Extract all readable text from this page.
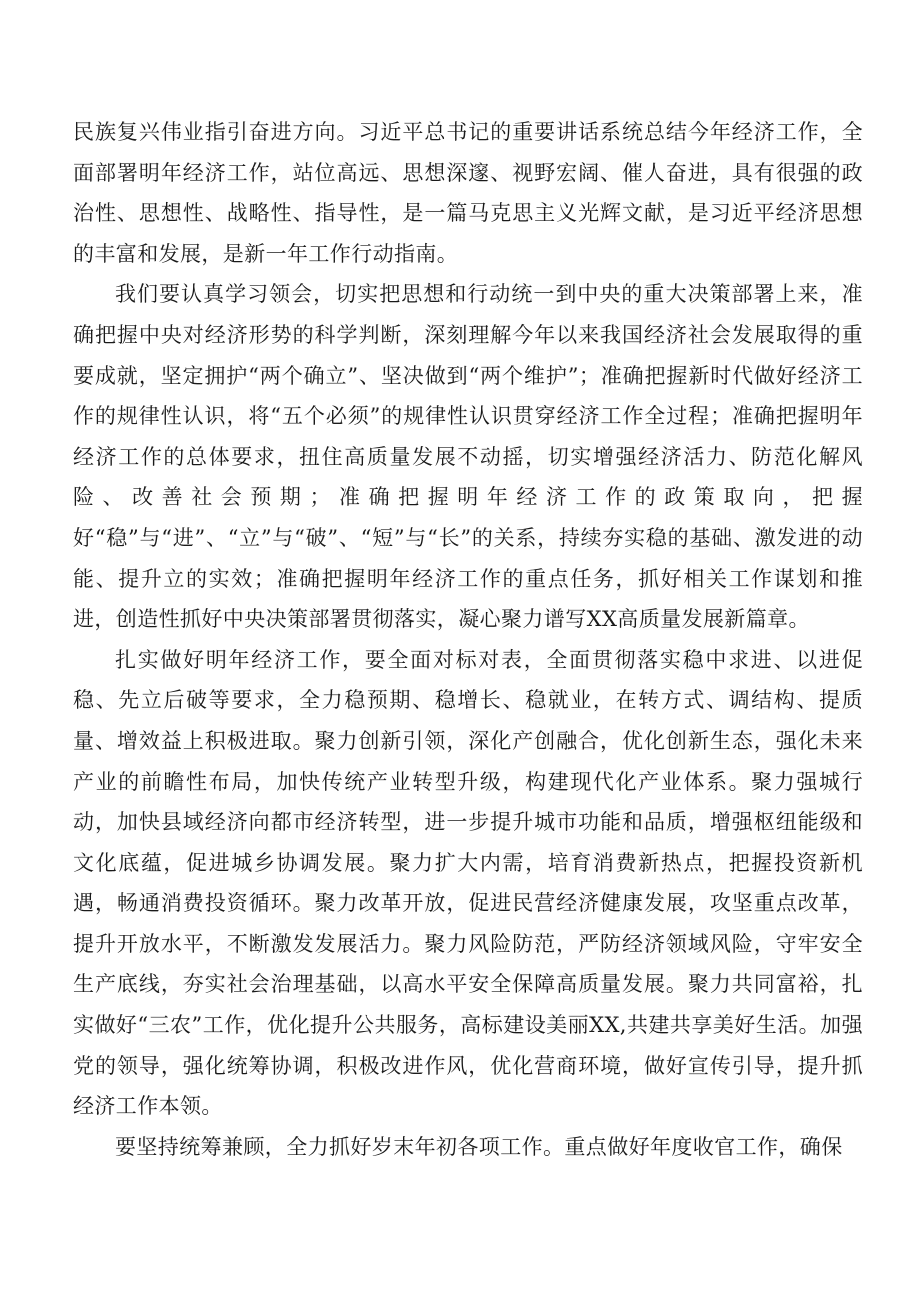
民族复兴伟业指引奋进方向。习近平总书记的重要讲话系统总结今年经济工作，全面部署明年经济工作，站位高远、思想深邃、视野宏阔、催人奋进，具有很强的政治性、思想性、战略性、指导性，是一篇马克思主义光辉文献，是习近平经济思想的丰富和发展，是新一年工作行动指南。

我们要认真学习领会，切实把思想和行动统一到中央的重大决策部署上来，准确把握中央对经济形势的科学判断，深刻理解今年以来我国经济社会发展取得的重要成就，坚定拥护“两个确立”、坚决做到“两个维护”；准确把握新时代做好经济工作的规律性认识，将“五个必须”的规律性认识贯穿经济工作全过程；准确把握明年经济工作的总体要求，扭住高质量发展不动摇，切实增强经济活力、防范化解风险、改善社会预期；准确把握明年经济工作的政策取向，把握好“稳”与“进”、“立”与“破”、“短”与“长”的关系，持续夯实稳的基础、激发进的动能、提升立的实效；准确把握明年经济工作的重点任务，抓好相关工作谋划和推进，创造性抓好中央决策部署贯彻落实，凝心聚力谱写XX高质量发展新篇章。

扎实做好明年经济工作，要全面对标对表，全面贯彻落实稳中求进、以进促稳、先立后破等要求，全力稳预期、稳增长、稳就业，在转方式、调结构、提质量、增效益上积极进取。聚力创新引领，深化产创融合，优化创新生态，强化未来产业的前瞻性布局，加快传统产业转型升级，构建现代化产业体系。聚力强城行动，加快县域经济向都市经济转型，进一步提升城市功能和品质，增强枢纽能级和文化底蕴，促进城乡协调发展。聚力扩大内需，培育消费新热点，把握投资新机遇，畅通消费投资循环。聚力改革开放，促进民营经济健康发展，攻坚重点改革，提升开放水平，不断激发发展活力。聚力风险防范，严防经济领域风险，守牢安全生产底线，夯实社会治理基础，以高水平安全保障高质量发展。聚力共同富裕，扎实做好“三农”工作，优化提升公共服务，高标建设美丽XX,共建共享美好生活。加强党的领导，强化统筹协调，积极改进作风，优化营商环境，做好宣传引导，提升抓经济工作本领。

要坚持统筹兼顾，全力抓好岁末年初各项工作。重点做好年度收官工作，确保
